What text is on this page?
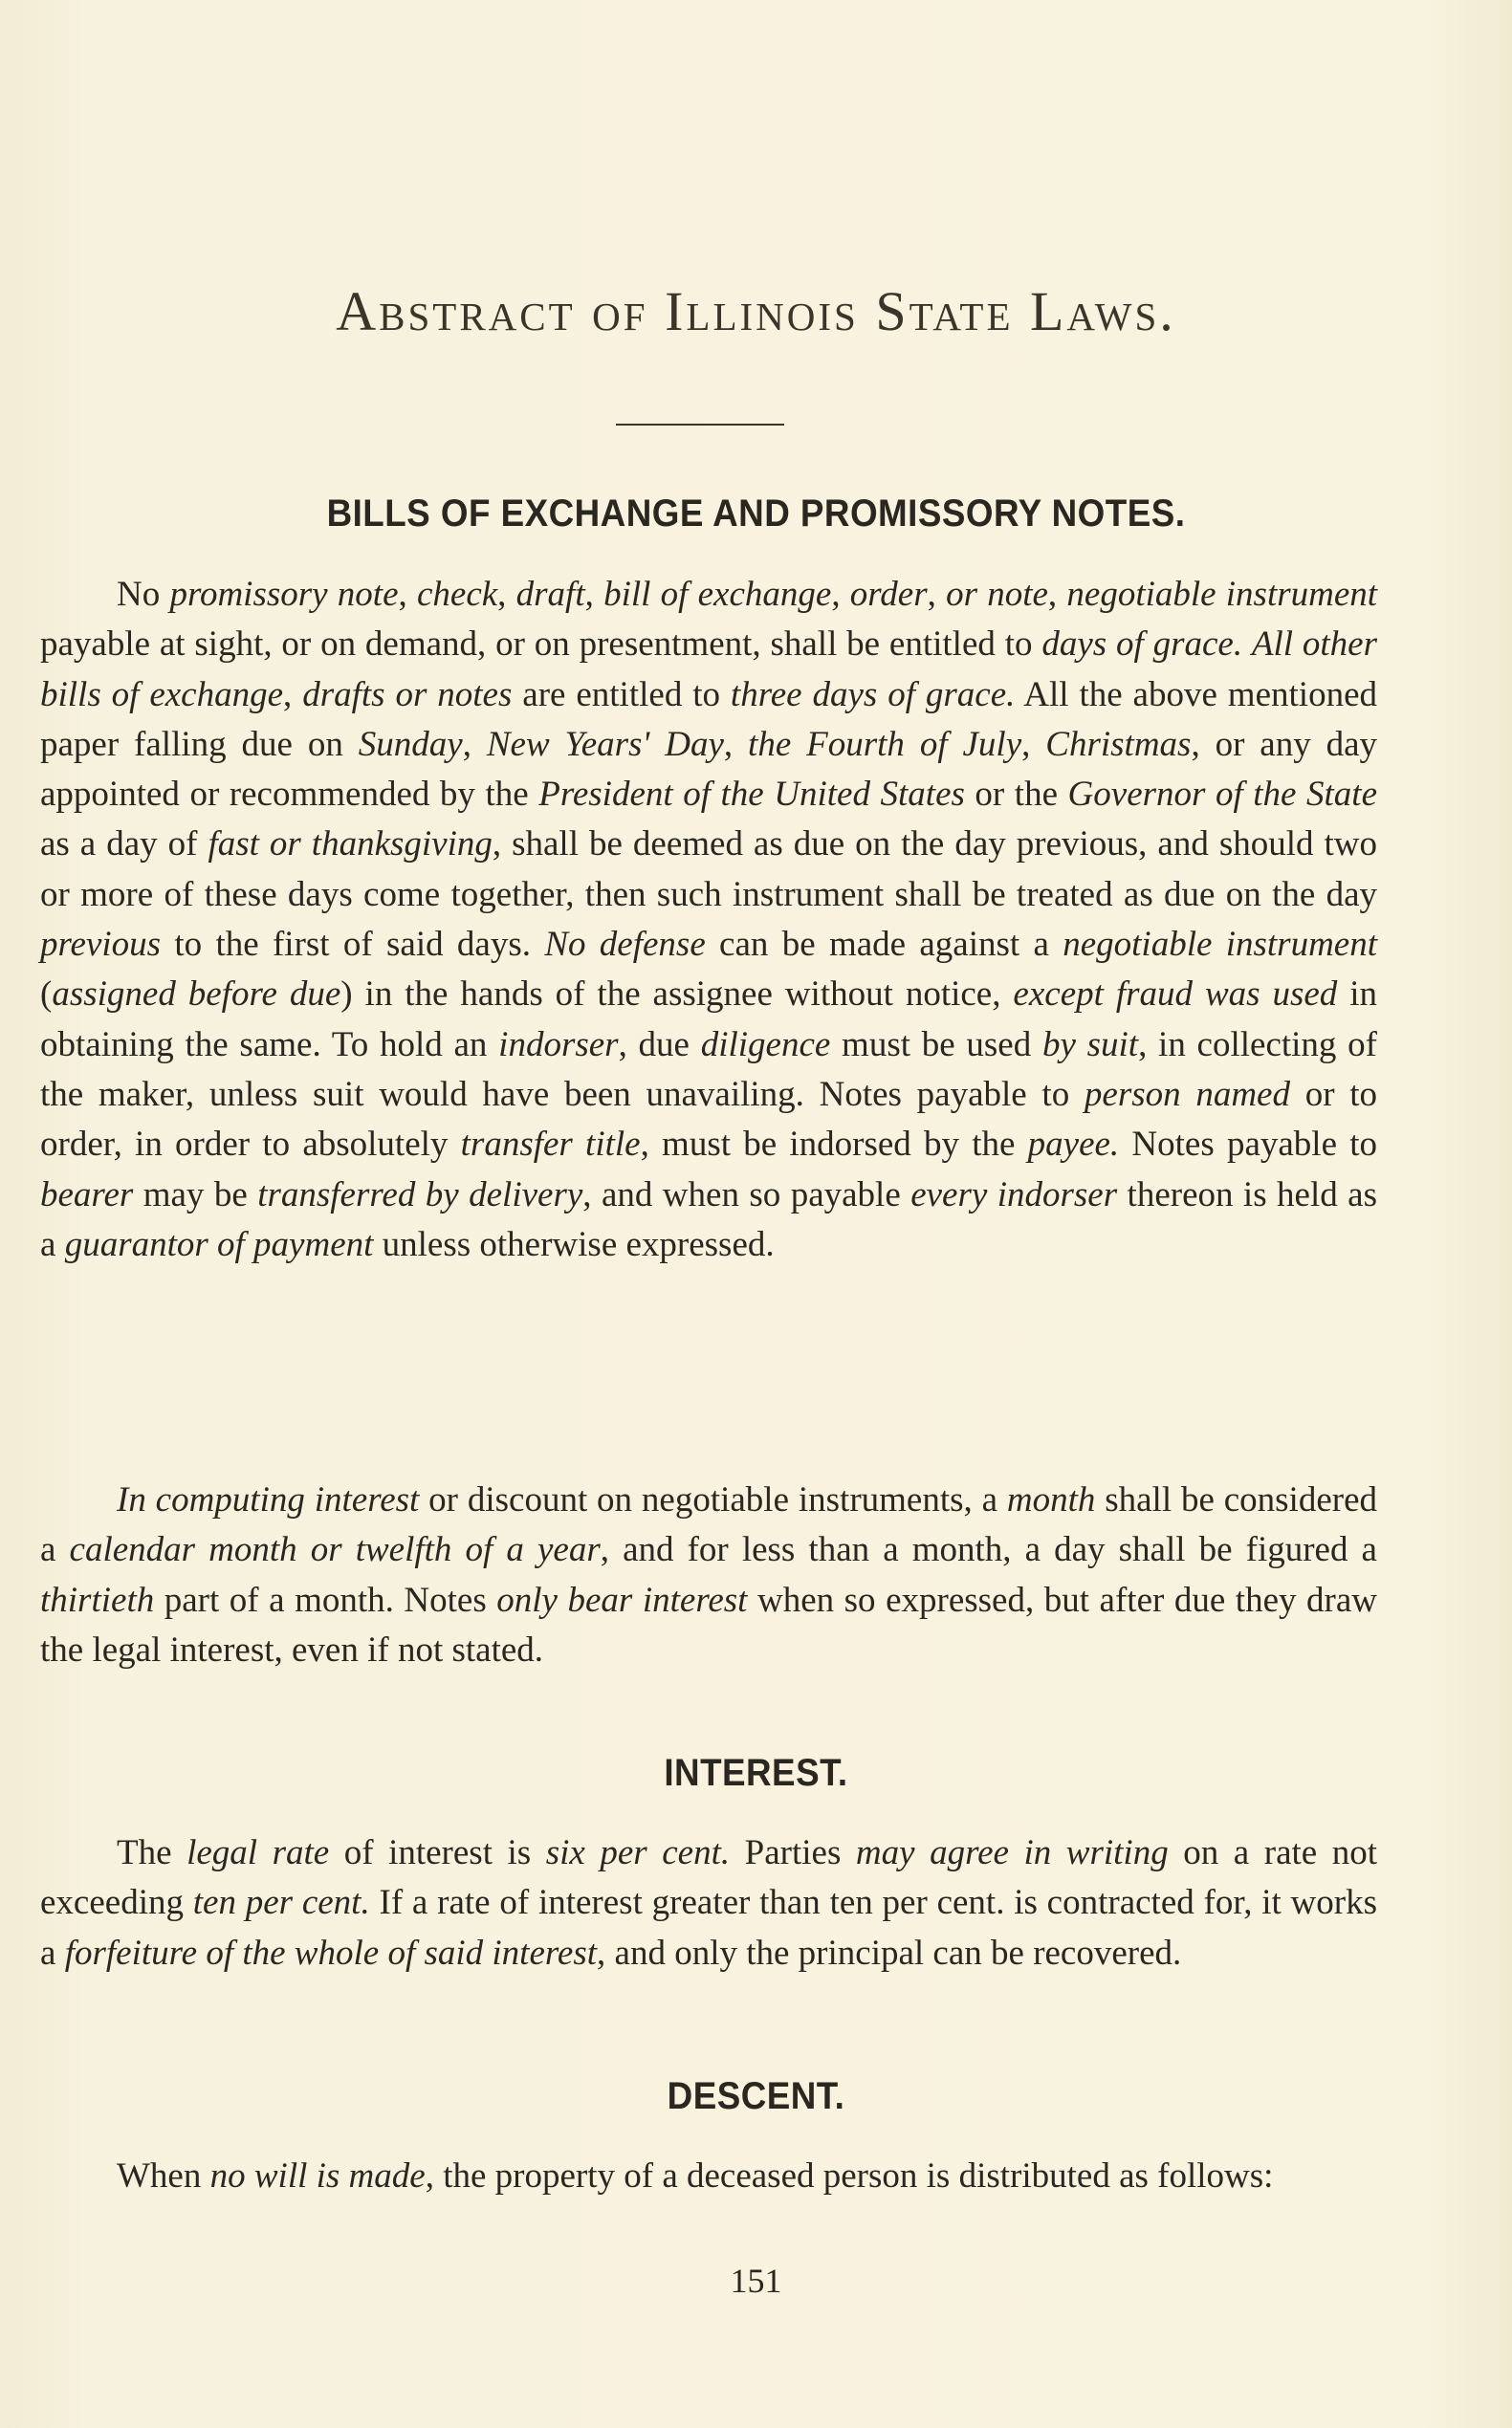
Abstract of Illinois State Laws.
BILLS OF EXCHANGE AND PROMISSORY NOTES.

No promissory note, check, draft, bill of exchange, order, or note, negotiable instrument payable at sight, or on demand, or on presentment, shall be entitled to days of grace. All other bills of exchange, drafts or notes are entitled to three days of grace. All the above mentioned paper falling due on Sunday, New Years' Day, the Fourth of July, Christmas, or any day appointed or recommended by the President of the United States or the Governor of the State as a day of fast or thanksgiving, shall be deemed as due on the day previous, and should two or more of these days come together, then such instrument shall be treated as due on the day previous to the first of said days. No defense can be made against a negotiable instrument (assigned before due) in the hands of the assignee without notice, except fraud was used in obtaining the same. To hold an indorser, due diligence must be used by suit, in collecting of the maker, unless suit would have been unavailing. Notes payable to person named or to order, in order to absolutely transfer title, must be indorsed by the payee. Notes payable to bearer may be transferred by delivery, and when so payable every indorser thereon is held as a guarantor of payment unless otherwise expressed.

In computing interest or discount on negotiable instruments, a month shall be considered a calendar month or twelfth of a year, and for less than a month, a day shall be figured a thirtieth part of a month. Notes only bear interest when so expressed, but after due they draw the legal interest, even if not stated.

INTEREST.

The legal rate of interest is six per cent. Parties may agree in writing on a rate not exceeding ten per cent. If a rate of interest greater than ten per cent. is contracted for, it works a forfeiture of the whole of said interest, and only the principal can be recovered.

DESCENT.

When no will is made, the property of a deceased person is distributed as follows:

151
